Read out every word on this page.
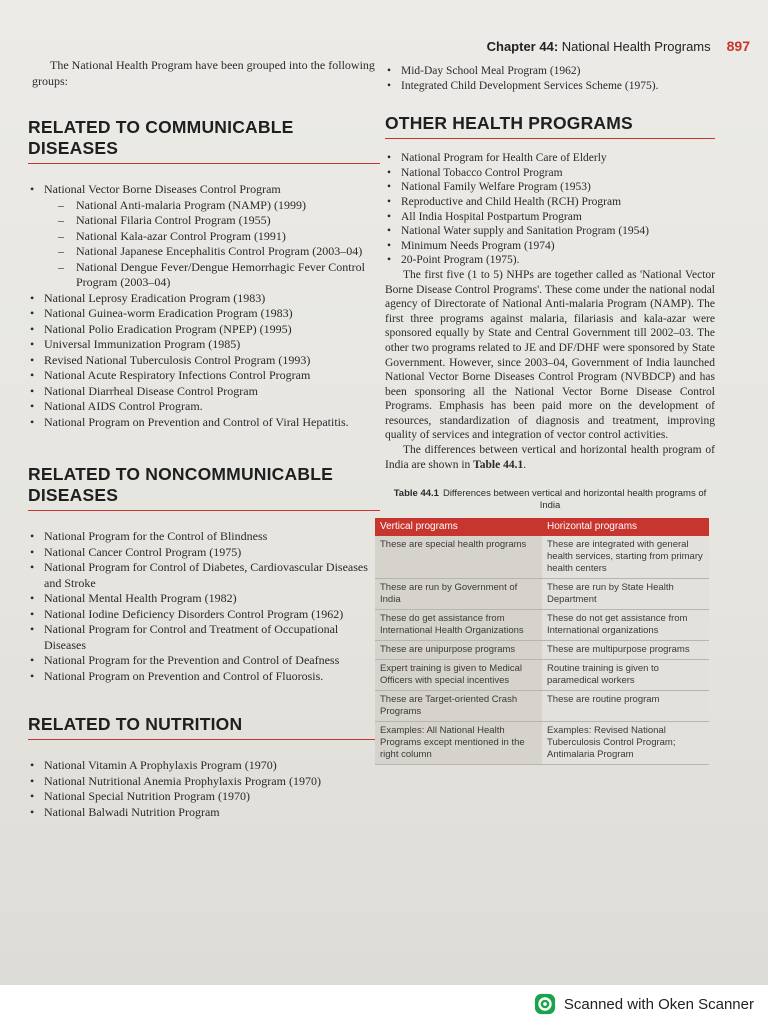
Chapter 44: National Health Programs 897

The National Health Program have been grouped into the following groups:

RELATED TO COMMUNICABLE DISEASES
• National Vector Borne Diseases Control Program
– National Anti-malaria Program (NAMP) (1999)
– National Filaria Control Program (1955)
– National Kala-azar Control Program (1991)
– National Japanese Encephalitis Control Program (2003–04)
– National Dengue Fever/Dengue Hemorrhagic Fever Control Program (2003–04)
• National Leprosy Eradication Program (1983)
• National Guinea-worm Eradication Program (1983)
• National Polio Eradication Program (NPEP) (1995)
• Universal Immunization Program (1985)
• Revised National Tuberculosis Control Program (1993)
• National Acute Respiratory Infections Control Program
• National Diarrheal Disease Control Program
• National AIDS Control Program.
• National Program on Prevention and Control of Viral Hepatitis.
RELATED TO NONCOMMUNICABLE DISEASES
• National Program for the Control of Blindness
• National Cancer Control Program (1975)
• National Program for Control of Diabetes, Cardiovascular Diseases and Stroke
• National Mental Health Program (1982)
• National Iodine Deficiency Disorders Control Program (1962)
• National Program for Control and Treatment of Occupational Diseases
• National Program for the Prevention and Control of Deafness
• National Program on Prevention and Control of Fluorosis.
RELATED TO NUTRITION
• National Vitamin A Prophylaxis Program (1970)
• National Nutritional Anemia Prophylaxis Program (1970)
• National Special Nutrition Program (1970)
• National Balwadi Nutrition Program
• Mid-Day School Meal Program (1962)
• Integrated Child Development Services Scheme (1975).
OTHER HEALTH PROGRAMS
• National Program for Health Care of Elderly
• National Tobacco Control Program
• National Family Welfare Program (1953)
• Reproductive and Child Health (RCH) Program
• All India Hospital Postpartum Program
• National Water supply and Sanitation Program (1954)
• Minimum Needs Program (1974)
• 20-Point Program (1975).

The first five (1 to 5) NHPs are together called as 'National Vector Borne Disease Control Programs'. These come under the national nodal agency of Directorate of National Anti-malaria Program (NAMP). The first three programs against malaria, filariasis and kala-azar were sponsored equally by State and Central Government till 2002–03. The other two programs related to JE and DF/DHF were sponsored by State Government. However, since 2003–04, Government of India launched National Vector Borne Diseases Control Program (NVBDCP) and has been sponsoring all the National Vector Borne Disease Control Programs. Emphasis has been paid more on the development of resources, standardization of diagnosis and treatment, improving quality of services and integration of vector control activities.

The differences between vertical and horizontal health program of India are shown in Table 44.1.

Table 44.1 Differences between vertical and horizontal health programs of India
Vertical programs	Horizontal programs
These are special health programs	These are integrated with general health services, starting from primary health centers
These are run by Government of India	These are run by State Health Department
These do get assistance from International Health Organizations	These do not get assistance from International organizations
These are unipurpose programs	These are multipurpose programs
Expert training is given to Medical Officers with special incentives	Routine training is given to paramedical workers
These are Target-oriented Crash Programs	These are routine program
Examples: All National Health Programs except mentioned in the right column	Examples: Revised National Tuberculosis Control Program; Antimalaria Program
Scanned with Oken Scanner
